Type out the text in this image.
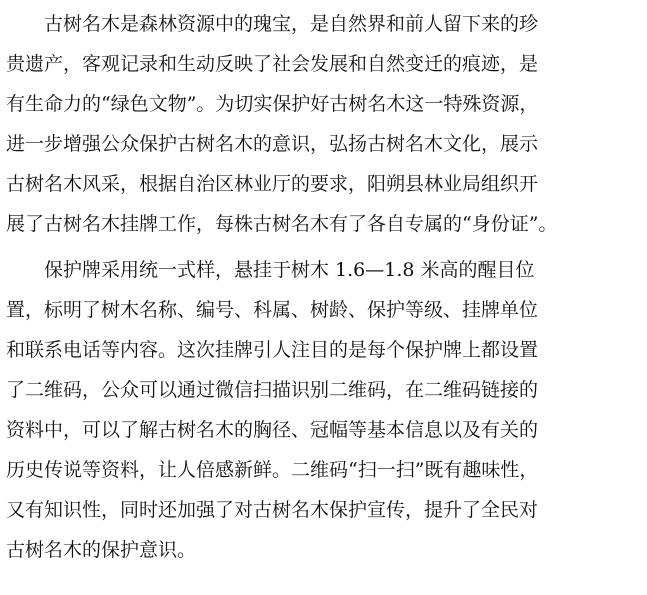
　　古树名木是森林资源中的瑰宝，是自然界和前人留下来的珍
贵遗产，客观记录和生动反映了社会发展和自然变迁的痕迹，是
有生命力的“绿色文物”。为切实保护好古树名木这一特殊资源，
进一步增强公众保护古树名木的意识，弘扬古树名木文化，展示
古树名木风采，根据自治区林业厅的要求，阳朔县林业局组织开
展了古树名木挂牌工作，每株古树名木有了各自专属的“身份证”。
　　保护牌采用统一式样，悬挂于树木 1.6—1.8 米高的醒目位
置，标明了树木名称、编号、科属、树龄、保护等级、挂牌单位
和联系电话等内容。这次挂牌引人注目的是每个保护牌上都设置
了二维码，公众可以通过微信扫描识别二维码，在二维码链接的
资料中，可以了解古树名木的胸径、冠幅等基本信息以及有关的
历史传说等资料，让人倍感新鲜。二维码“扫一扫”既有趣味性，
又有知识性，同时还加强了对古树名木保护宣传，提升了全民对
古树名木的保护意识。
